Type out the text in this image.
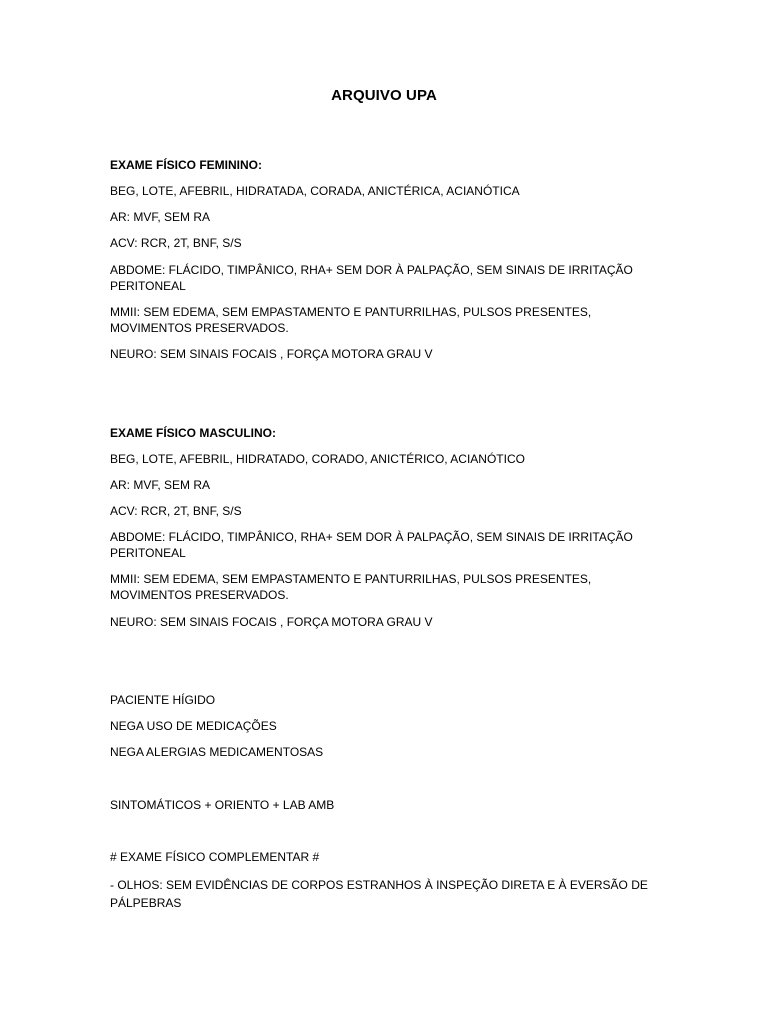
ARQUIVO UPA
EXAME FÍSICO FEMININO:
BEG, LOTE, AFEBRIL, HIDRATADA, CORADA, ANICTÉRICA, ACIANÓTICA
AR: MVF, SEM RA
ACV: RCR, 2T, BNF, S/S
ABDOME: FLÁCIDO, TIMPÂNICO, RHA+ SEM DOR À PALPAÇÃO, SEM SINAIS DE IRRITAÇÃO PERITONEAL
MMII: SEM EDEMA, SEM EMPASTAMENTO E PANTURRILHAS, PULSOS PRESENTES, MOVIMENTOS PRESERVADOS.
NEURO: SEM SINAIS FOCAIS , FORÇA MOTORA GRAU V
EXAME FÍSICO MASCULINO:
BEG, LOTE, AFEBRIL, HIDRATADO, CORADO, ANICTÉRICO, ACIANÓTICO
AR: MVF, SEM RA
ACV: RCR, 2T, BNF, S/S
ABDOME: FLÁCIDO, TIMPÂNICO, RHA+ SEM DOR À PALPAÇÃO, SEM SINAIS DE IRRITAÇÃO PERITONEAL
MMII: SEM EDEMA, SEM EMPASTAMENTO E PANTURRILHAS, PULSOS PRESENTES, MOVIMENTOS PRESERVADOS.
NEURO: SEM SINAIS FOCAIS , FORÇA MOTORA GRAU V
PACIENTE HÍGIDO
NEGA USO DE MEDICAÇÕES
NEGA ALERGIAS MEDICAMENTOSAS
SINTOMÁTICOS + ORIENTO + LAB AMB
# EXAME FÍSICO COMPLEMENTAR #
- OLHOS: SEM EVIDÊNCIAS DE CORPOS ESTRANHOS À INSPEÇÃO DIRETA E À EVERSÃO DE PÁLPEBRAS
